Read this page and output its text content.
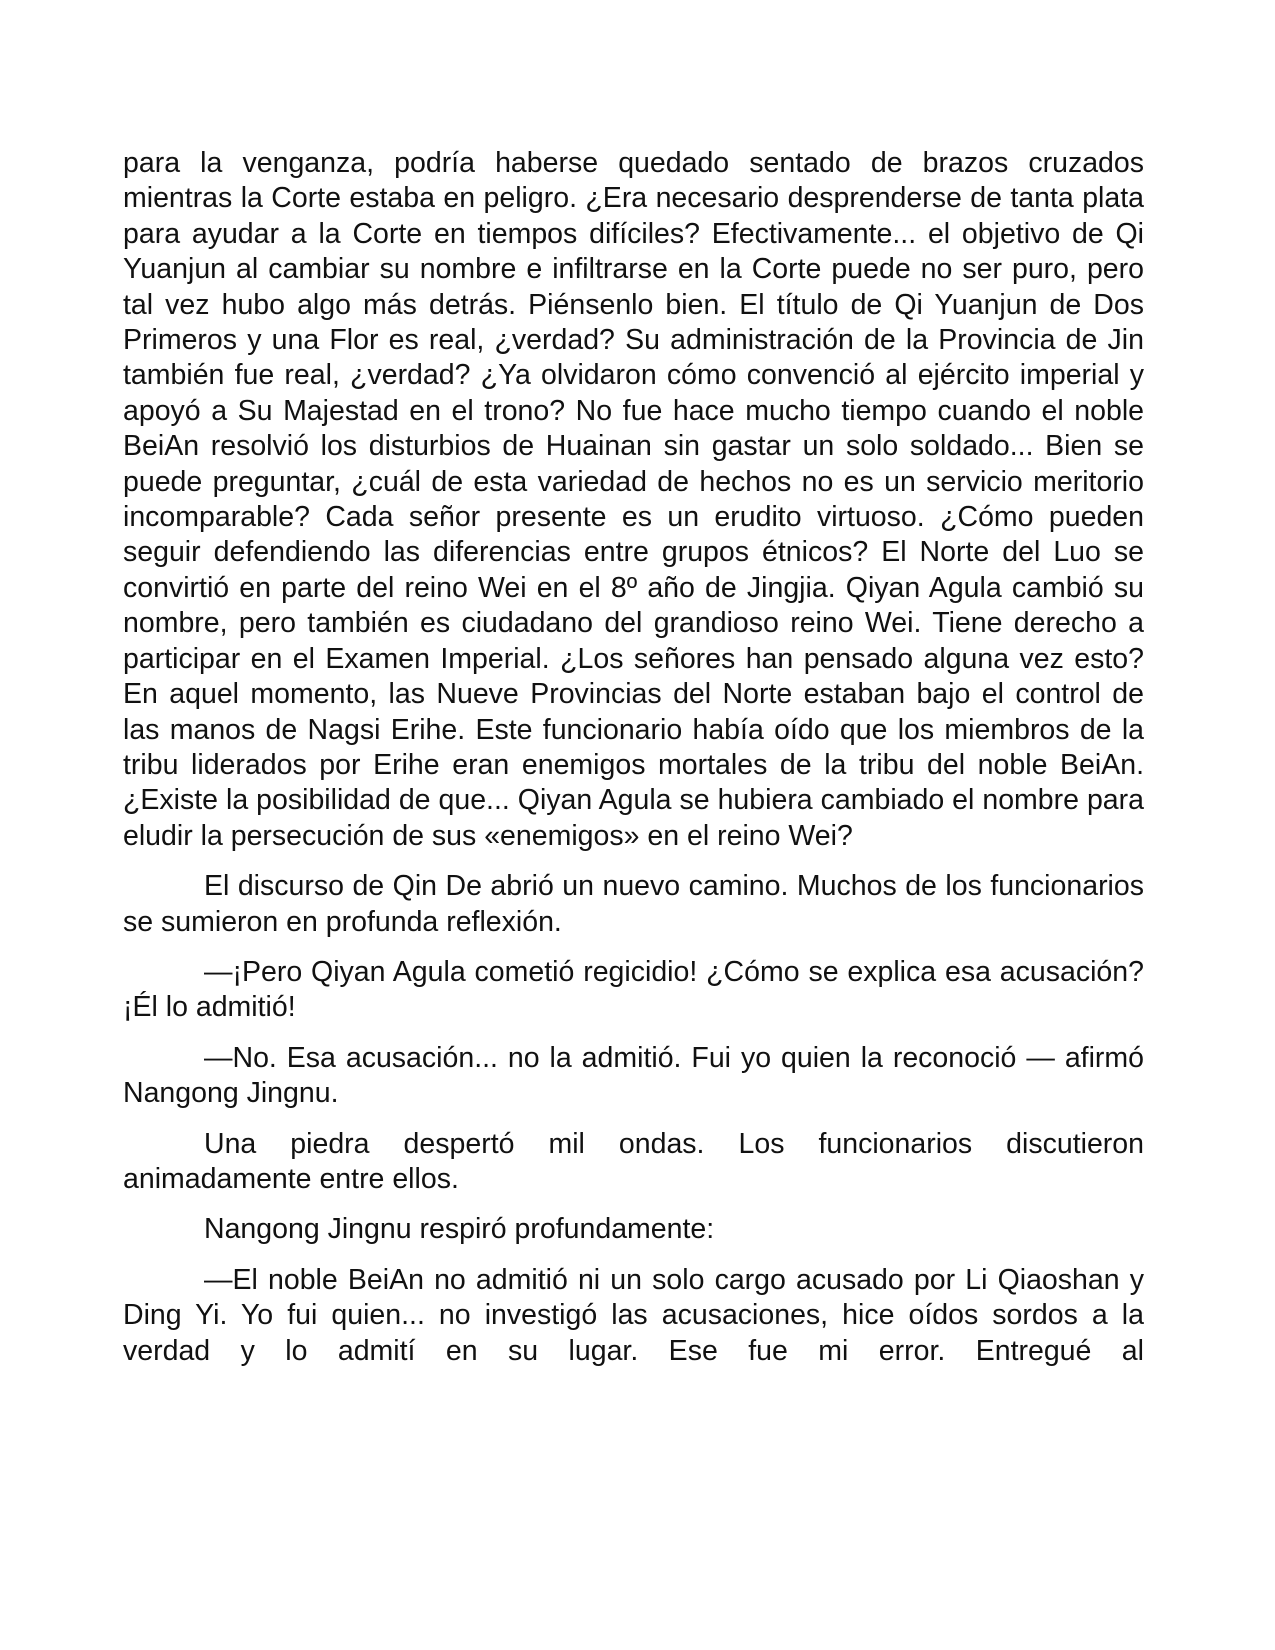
para la venganza, podría haberse quedado sentado de brazos cruzados mientras la Corte estaba en peligro. ¿Era necesario desprenderse de tanta plata para ayudar a la Corte en tiempos difíciles? Efectivamente... el objetivo de Qi Yuanjun al cambiar su nombre e infiltrarse en la Corte puede no ser puro, pero tal vez hubo algo más detrás. Piénsenlo bien. El título de Qi Yuanjun de Dos Primeros y una Flor es real, ¿verdad? Su administración de la Provincia de Jin también fue real, ¿verdad? ¿Ya olvidaron cómo convenció al ejército imperial y apoyó a Su Majestad en el trono? No fue hace mucho tiempo cuando el noble BeiAn resolvió los disturbios de Huainan sin gastar un solo soldado... Bien se puede preguntar, ¿cuál de esta variedad de hechos no es un servicio meritorio incomparable? Cada señor presente es un erudito virtuoso. ¿Cómo pueden seguir defendiendo las diferencias entre grupos étnicos? El Norte del Luo se convirtió en parte del reino Wei en el 8º año de Jingjia. Qiyan Agula cambió su nombre, pero también es ciudadano del grandioso reino Wei. Tiene derecho a participar en el Examen Imperial. ¿Los señores han pensado alguna vez esto? En aquel momento, las Nueve Provincias del Norte estaban bajo el control de las manos de Nagsi Erihe. Este funcionario había oído que los miembros de la tribu liderados por Erihe eran enemigos mortales de la tribu del noble BeiAn. ¿Existe la posibilidad de que... Qiyan Agula se hubiera cambiado el nombre para eludir la persecución de sus «enemigos» en el reino Wei?

El discurso de Qin De abrió un nuevo camino. Muchos de los funcionarios se sumieron en profunda reflexión.

—¡Pero Qiyan Agula cometió regicidio! ¿Cómo se explica esa acusación? ¡Él lo admitió!

—No. Esa acusación... no la admitió. Fui yo quien la reconoció — afirmó Nangong Jingnu.

Una piedra despertó mil ondas. Los funcionarios discutieron animadamente entre ellos.

Nangong Jingnu respiró profundamente:

—El noble BeiAn no admitió ni un solo cargo acusado por Li Qiaoshan y Ding Yi. Yo fui quien... no investigó las acusaciones, hice oídos sordos a la verdad y lo admití en su lugar. Ese fue mi error. Entregué al
